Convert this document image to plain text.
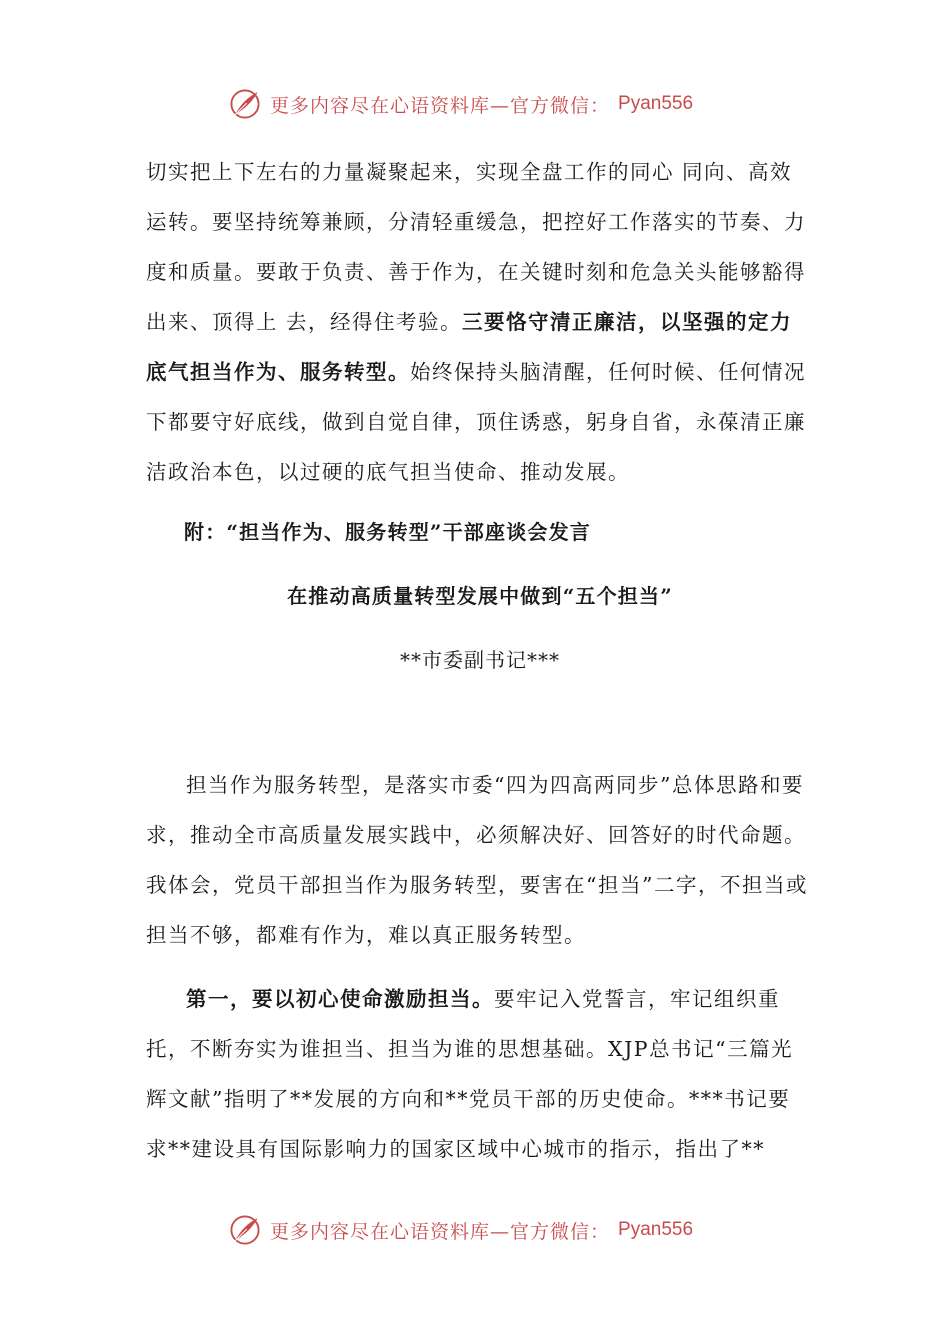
更多内容尽在心语资料库—官方微信： Pyan556

切实把上下左右的力量凝聚起来，实现全盘工作的同心 同向、高效运转。要坚持统筹兼顾，分清轻重缓急，把控好工作落实的节奏、力度和质量。要敢于负责、善于作为，在关键时刻和危急关头能够豁得出来、顶得上 去，经得住考验。三要恪守清正廉洁，以坚强的定力底气担当作为、服务转型。始终保持头脑清醒，任何时候、任何情况下都要守好底线，做到自觉自律，顶住诱惑，躬身自省，永葆清正廉洁政治本色，以过硬的底气担当使命、推动发展。

附：“担当作为、服务转型”干部座谈会发言
在推动高质量转型发展中做到“五个担当”
**市委副书记***

担当作为服务转型，是落实市委“四为四高两同步”总体思路和要求，推动全市高质量发展实践中，必须解决好、回答好的时代命题。我体会，党员干部担当作为服务转型，要害在“担当”二字，不担当或担当不够，都难有作为，难以真正服务转型。

第一，要以初心使命激励担当。要牢记入党誓言，牢记组织重托，不断夯实为谁担当、担当为谁的思想基础。XJP总书记“三篇光辉文献”指明了**发展的方向和**党员干部的历史使命。***书记要求**建设具有国际影响力的国家区域中心城市的指示，指出了**

更多内容尽在心语资料库—官方微信： Pyan556
